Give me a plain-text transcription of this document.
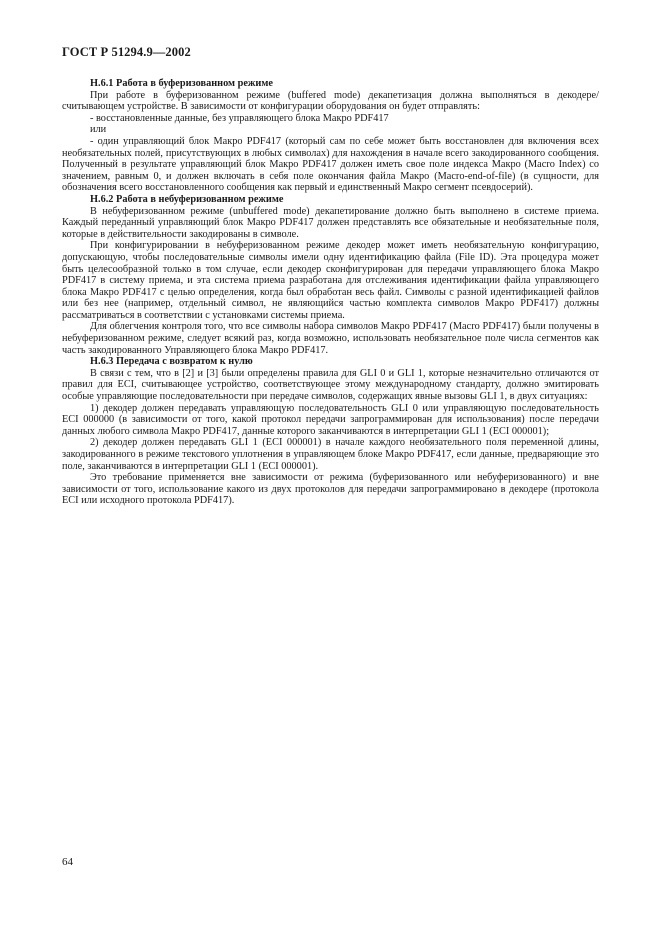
ГОСТ Р 51294.9—2002
Н.6.1 Работа в буферизованном режиме

При работе в буферизованном режиме (buffered mode) декапетизация должна выполняться в декодере/считывающем устройстве. В зависимости от конфигурации оборудования он будет отправлять:

- восстановленные данные, без управляющего блока Макро PDF417

или

- один управляющий блок Макро PDF417 (который сам по себе может быть восстановлен для включения всех необязательных полей, присутствующих в любых символах) для нахождения в начале всего закодированного сообщения. Полученный в результате управляющий блок Макро PDF417 должен иметь свое поле индекса Макро (Macro Index) со значением, равным 0, и должен включать в себя поле окончания файла Макро (Macro-end-of-file) (в сущности, для обозначения всего восстановленного сообщения как первый и единственный Макро сегмент псевдосерий).

Н.6.2 Работа в небуферизованном режиме

В небуферизованном режиме (unbuffered mode) декапетирование должно быть выполнено в системе приема. Каждый переданный управляющий блок Макро PDF417 должен представлять все обязательные и необязательные поля, которые в действительности закодированы в символе.

При конфигурировании в небуферизованном режиме декодер может иметь необязательную конфигурацию, допускающую, чтобы последовательные символы имели одну идентификацию файла (File ID). Эта процедура может быть целесообразной только в том случае, если декодер сконфигурирован для передачи управляющего блока Макро PDF417 в систему приема, и эта система приема разработана для отслеживания идентификации файла управляющего блока Макро PDF417 с целью определения, когда был обработан весь файл. Символы с разной идентификацией файлов или без нее (например, отдельный символ, не являющийся частью комплекта символов Макро PDF417) должны рассматриваться в соответствии с установками системы приема.

Для облегчения контроля того, что все символы набора символов Макро PDF417 (Macro PDF417) были получены в небуферизованном режиме, следует всякий раз, когда возможно, использовать необязательное поле числа сегментов как часть закодированного Управляющего блока Макро PDF417.

Н.6.3 Передача с возвратом к нулю

В связи с тем, что в [2] и [3] были определены правила для GLI 0 и GLI 1, которые незначительно отличаются от правил для ECI, считывающее устройство, соответствующее этому международному стандарту, должно эмитировать особые управляющие последовательности при передаче символов, содержащих явные вызовы GLI 1, в двух ситуациях:

1) декодер должен передавать управляющую последовательность GLI 0 или управляющую последовательность ECI 000000 (в зависимости от того, какой протокол передачи запрограммирован для использования) после передачи данных любого символа Макро PDF417, данные которого заканчиваются в интерпретации GLI 1 (ECI 000001);

2) декодер должен передавать GLI 1 (ECI 000001) в начале каждого необязательного поля переменной длины, закодированного в режиме текстового уплотнения в управляющем блоке Макро PDF417, если данные, предваряющие это поле, заканчиваются в интерпретации GLI 1 (ECI 000001).

Это требование применяется вне зависимости от режима (буферизованного или небуферизованного) и вне зависимости от того, использование какого из двух протоколов для передачи запрограммировано в декодере (протокола ECI или исходного протокола PDF417).

64
